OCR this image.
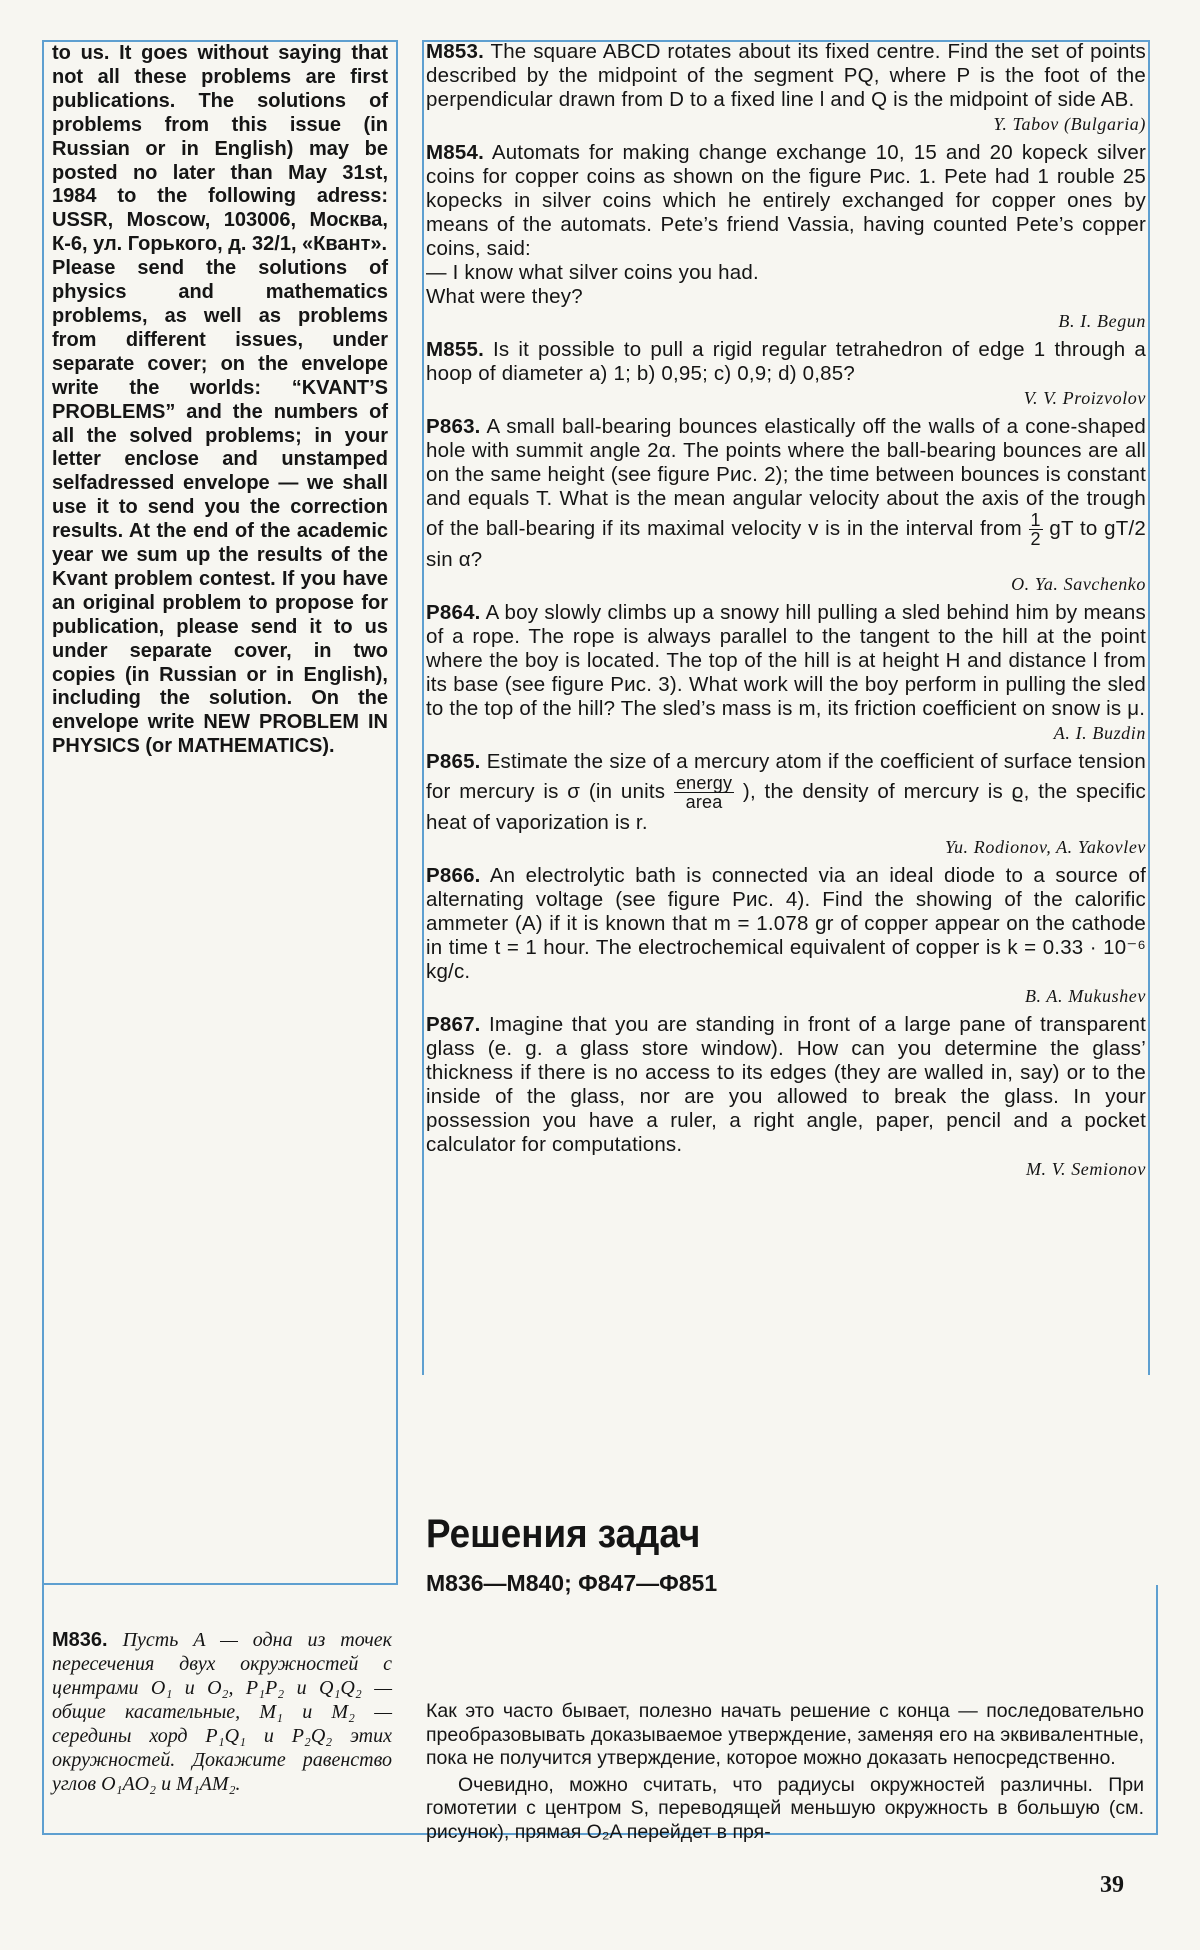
to us. It goes without saying that not all these problems are first publications. The solutions of problems from this issue (in Russian or in English) may be posted no later than May 31st, 1984 to the following adress: USSR, Moscow, 103006, Москва, К-6, ул. Горького, д. 32/1, «Квант».

Please send the solutions of physics and mathematics problems, as well as problems from different issues, under separate cover; on the envelope write the worlds: “KVANT’S PROBLEMS” and the numbers of all the solved problems; in your letter enclose and unstamped selfadressed envelope — we shall use it to send you the correction results. At the end of the academic year we sum up the results of the Kvant problem contest. If you have an original problem to propose for publication, please send it to us under separate cover, in two copies (in Russian or in English), including the solution. On the envelope write NEW PROBLEM IN PHYSICS (or MATHEMATICS).

M853. The square ABCD rotates about its fixed centre. Find the set of points described by the midpoint of the segment PQ, where P is the foot of the perpendicular drawn from D to a fixed line l and Q is the midpoint of side AB.
Y. Tabov (Bulgaria)
M854. Automats for making change exchange 10, 15 and 20 kopeck silver coins for copper coins as shown on the figure Рис. 1. Pete had 1 rouble 25 kopecks in silver coins which he entirely exchanged for copper ones by means of the automats. Pete’s friend Vassia, having counted Pete’s copper coins, said:
— I know what silver coins you had.
What were they?
B. I. Begun
M855. Is it possible to pull a rigid regular tetrahedron of edge 1 through a hoop of diameter a) 1; b) 0,95; c) 0,9; d) 0,85?
V. V. Proizvolov
P863. A small ball-bearing bounces elastically off the walls of a cone-shaped hole with summit angle 2α. The points where the ball-bearing bounces are all on the same height (see figure Рис. 2); the time between bounces is constant and equals T. What is the mean angular velocity about the axis of the trough of the ball-bearing if its maximal velocity v is in the interval from $\frac{1}{2}$ gT to gT/2 sin α?
O. Ya. Savchenko
P864. A boy slowly climbs up a snowy hill pulling a sled behind him by means of a rope. The rope is always parallel to the tangent to the hill at the point where the boy is located. The top of the hill is at height H and distance l from its base (see figure Рис. 3). What work will the boy perform in pulling the sled to the top of the hill? The sled’s mass is m, its friction coefficient on snow is μ.
A. I. Buzdin
P865. Estimate the size of a mercury atom if the coefficient of surface tension for mercury is σ (in units $\frac{\text{energy}}{\text{area}}$ ), the density of mercury is ϱ, the specific heat of vaporization is r.
Yu. Rodionov, A. Yakovlev
P866. An electrolytic bath is connected via an ideal diode to a source of alternating voltage (see figure Рис. 4). Find the showing of the calorific ammeter (A) if it is known that m = 1.078 gr of copper appear on the cathode in time t = 1 hour. The electrochemical equivalent of copper is k = 0.33 · 10⁻⁶ kg/c.
B. A. Mukushev
P867. Imagine that you are standing in front of a large pane of transparent glass (e. g. a glass store window). How can you determine the glass’ thickness if there is no access to its edges (they are walled in, say) or to the inside of the glass, nor are you allowed to break the glass. In your possession you have a ruler, a right angle, paper, pencil and a pocket calculator for computations.
M. V. Semionov
Решения задач
M836—M840; Ф847—Ф851
M836. Пусть A — одна из точек пересечения двух окружностей с центрами O₁ и O₂, P₁P₂ и Q₁Q₂ — общие касательные, M₁ и M₂ — середины хорд P₁Q₁ и P₂Q₂ этих окружностей. Докажите равенство углов O₁AO₂ и M₁AM₂.

Как это часто бывает, полезно начать решение с конца — последовательно преобразовывать доказываемое утверждение, заменяя его на эквивалентные, пока не получится утверждение, которое можно доказать непосредственно.

Очевидно, можно считать, что радиусы окружностей различны. При гомотетии с центром S, переводящей меньшую окружность в большую (см. рисунок), прямая O₂A перейдет в пря-

39
